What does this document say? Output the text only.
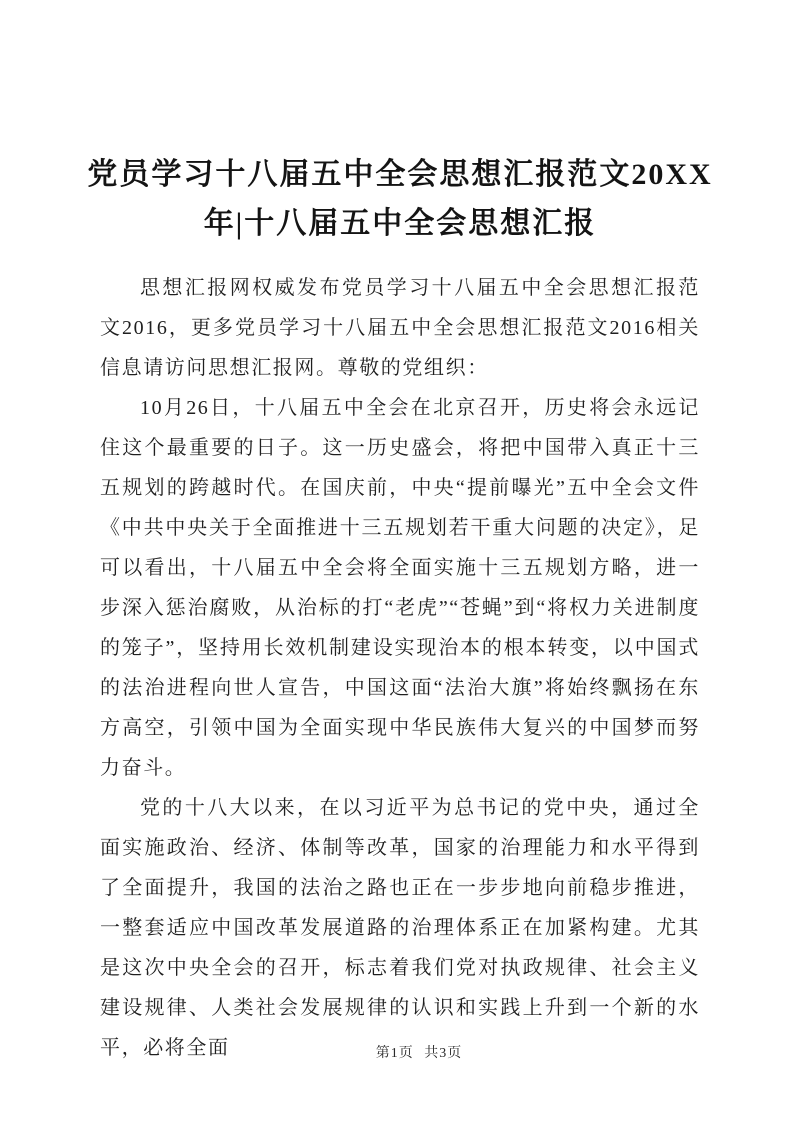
党员学习十八届五中全会思想汇报范文20XX
年|十八届五中全会思想汇报

思想汇报网权威发布党员学习十八届五中全会思想汇报范文2016，更多党员学习十八届五中全会思想汇报范文2016相关信息请访问思想汇报网。尊敬的党组织：

10月26日，十八届五中全会在北京召开，历史将会永远记住这个最重要的日子。这一历史盛会，将把中国带入真正十三五规划的跨越时代。在国庆前，中央“提前曝光”五中全会文件《中共中央关于全面推进十三五规划若干重大问题的决定》，足可以看出，十八届五中全会将全面实施十三五规划方略，进一步深入惩治腐败，从治标的打“老虎”“苍蝇”到“将权力关进制度的笼子”，坚持用长效机制建设实现治本的根本转变，以中国式的法治进程向世人宣告，中国这面“法治大旗”将始终飘扬在东方高空，引领中国为全面实现中华民族伟大复兴的中国梦而努力奋斗。

党的十八大以来，在以习近平为总书记的党中央，通过全面实施政治、经济、体制等改革，国家的治理能力和水平得到了全面提升，我国的法治之路也正在一步步地向前稳步推进，一整套适应中国改革发展道路的治理体系正在加紧构建。尤其是这次中央全会的召开，标志着我们党对执政规律、社会主义建设规律、人类社会发展规律的认识和实践上升到一个新的水平，必将全面	第1页 共3页
